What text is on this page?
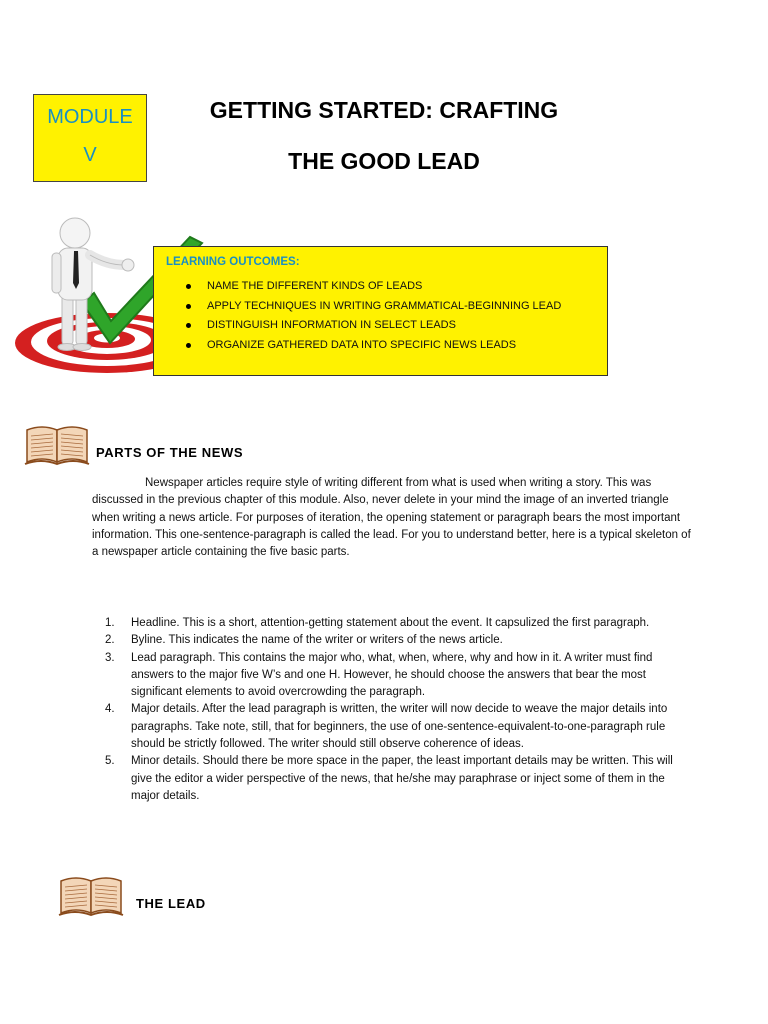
MODULE
V
GETTING STARTED: CRAFTING
THE GOOD LEAD
LEARNING OUTCOMES:
NAME THE DIFFERENT KINDS OF LEADS
APPLY TECHNIQUES IN WRITING GRAMMATICAL-BEGINNING LEAD
DISTINGUISH INFORMATION IN SELECT LEADS
ORGANIZE GATHERED DATA INTO SPECIFIC NEWS LEADS
PARTS OF THE NEWS

Newspaper articles require style of writing different from what is used when writing a story. This was discussed in the previous chapter of this module. Also, never delete in your mind the image of an inverted triangle when writing a news article. For purposes of iteration, the opening statement or paragraph bears the most important information. This one-sentence-paragraph is called the lead. For you to understand better, here is a typical skeleton of a newspaper article containing the five basic parts.

1. Headline. This is a short, attention-getting statement about the event. It capsulized the first paragraph.
2. Byline. This indicates the name of the writer or writers of the news article.
3. Lead paragraph. This contains the major who, what, when, where, why and how in it. A writer must find answers to the major five W’s and one H. However, he should choose the answers that bear the most significant elements to avoid overcrowding the paragraph.
4. Major details. After the lead paragraph is written, the writer will now decide to weave the major details into paragraphs. Take note, still, that for beginners, the use of one-sentence-equivalent-to-one-paragraph rule should be strictly followed. The writer should still observe coherence of ideas.
5. Minor details. Should there be more space in the paper, the least important details may be written. This will give the editor a wider perspective of the news, that he/she may paraphrase or inject some of them in the major details.
THE LEAD
